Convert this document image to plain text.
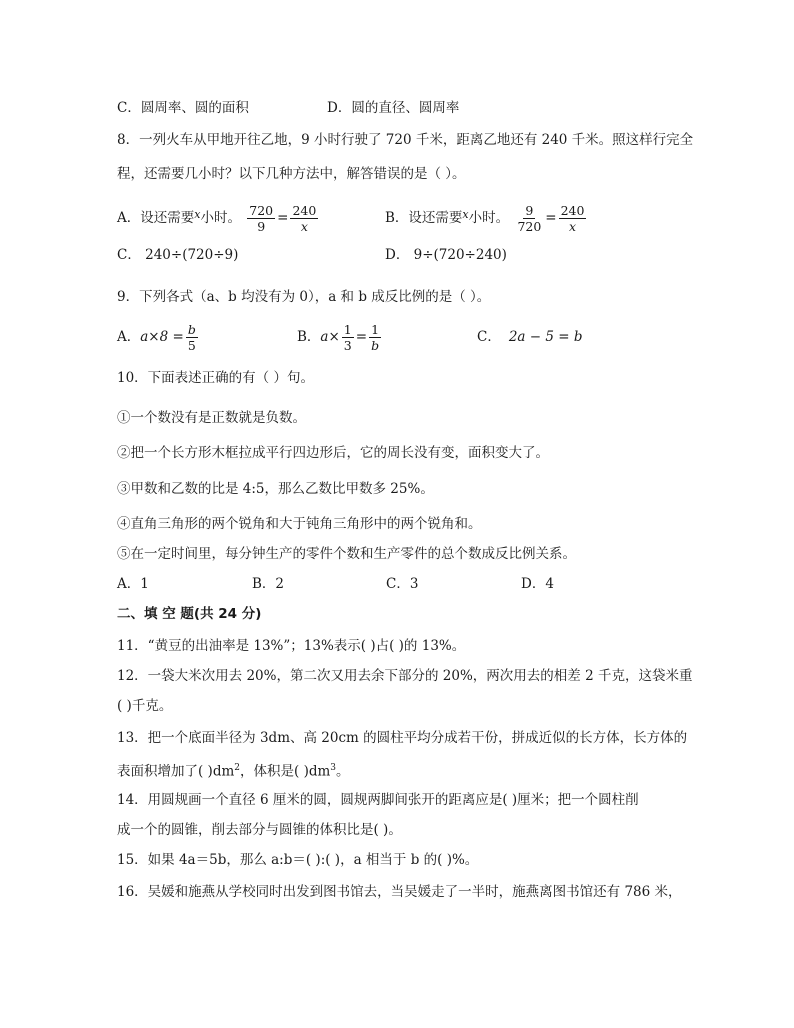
C．圆周率、圆的面积	D．圆的直径、圆周率
8．一列火车从甲地开往乙地，9 小时行驶了 720 千米，距离乙地还有 240 千米。照这样行完全
程，还需要几小时？以下几种方法中，解答错误的是（ ）。
A．设还需要$^x$小时。 $\frac{720}{9} = \frac{240}{x}$	B．设还需要$^x$小时。 $\frac{9}{720} = \frac{240}{x}$
C． 240÷(720÷9)	D． 9÷(720÷240)
9．下列各式（a、b 均没有为 0），a 和 b 成反比例的是（ ）。
A．$a\times 8 = \frac{b}{5}$	B．$a\times \frac{1}{3} = \frac{1}{b}$	C． 2a − 5 = b
10．下面表述正确的有（ ）句。
①一个数没有是正数就是负数。
②把一个长方形木框拉成平行四边形后，它的周长没有变，面积变大了。
③甲数和乙数的比是 4:5，那么乙数比甲数多 25%。
④直角三角形的两个锐角和大于钝角三角形中的两个锐角和。
⑤在一定时间里，每分钟生产的零件个数和生产零件的总个数成反比例关系。
A．1	B．2	C．3	D．4
二、填 空 题(共 24 分)
11．“黄豆的出油率是 13%”；13%表示( )占( )的 13%。
12．一袋大米次用去 20%，第二次又用去余下部分的 20%，两次用去的相差 2 千克，这袋米重
( )千克。
13．把一个底面半径为 3dm、高 20cm 的圆柱平均分成若干份，拼成近似的长方体，长方体的
表面积增加了( )$dm^2$，体积是( )$dm^3$。
14．用圆规画一个直径 6 厘米的圆，圆规两脚间张开的距离应是( )厘米；把一个圆柱削
成一个的圆锥，削去部分与圆锥的体积比是( )。
15．如果 4a＝5b，那么 a:b＝( ):( )，a 相当于 b 的( )%。
16．吴媛和施燕从学校同时出发到图书馆去，当吴媛走了一半时，施燕离图书馆还有 786 米，
